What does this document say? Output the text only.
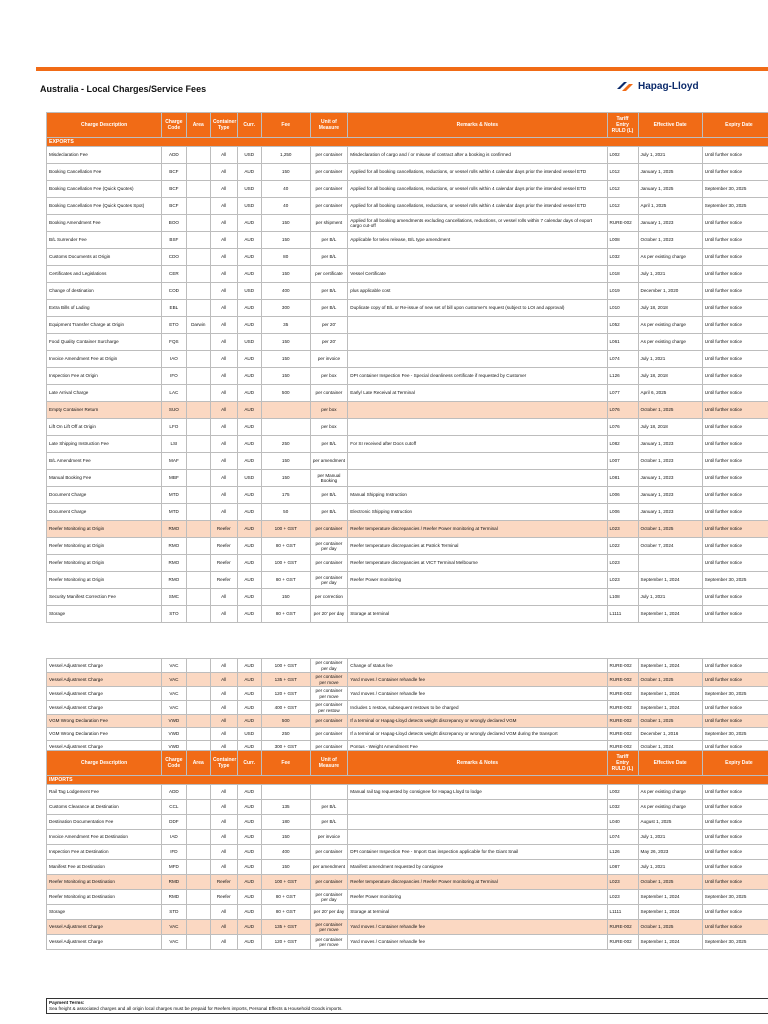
Australia - Local Charges/Service Fees	Hapag-Lloyd
Charge Description	Charge Code	Area	Container Type	Curr.	Fee	Unit of Measure	Remarks & Notes	Tariff Entry RULD (L)	Effective Date	Expiry Date
EXPORTS										
Misdeclaration Fee	ADD		All	USD	1,250	per container	Misdeclaration of cargo and / or misuse of contract after a booking is confirmed	L002	July 1, 2021	Until further notice
Booking Cancellation Fee	BCF		All	AUD	150	per container	Applied for all booking cancellations, reductions, or vessel rolls within 4 calendar days prior the intended vessel ETD	L012	January 1, 2025	Until further notice
Booking Cancellation Fee (Quick Quotes)	BCF		All	USD	40	per container	Applied for all booking cancellations, reductions, or vessel rolls within 4 calendar days prior the intended vessel ETD	L012	January 1, 2025	September 30, 2025
Booking Cancellation Fee (Quick Quotes Spot)	BCF		All	USD	40	per container	Applied for all booking cancellations, reductions, or vessel rolls within 4 calendar days prior the intended vessel ETD	L012	April 1, 2025	September 30, 2025
Booking Amendment Fee	BOO		All	AUD	150	per shipment	Applied for all booking amendments excluding cancellations, reductions, or vessel rolls within 7 calendar days of export cargo cut-off	RURE-002	January 1, 2023	Until further notice
B/L Surrender Fee	BSF		All	AUD	150	per B/L	Applicable for telex release, B/L type amendment	L008	October 1, 2023	Until further notice
Customs Documents at Origin	CDO		All	AUD	80	per B/L		L032	As per existing charge	Until further notice
Certificates and Legislations	CER		All	AUD	150	per certificate	Vessel Certificate	L018	July 1, 2021	Until further notice
Change of destination	COD		All	USD	400	per B/L	plus applicable cost	L019	December 1, 2020	Until further notice
Extra Bills of Lading	EBL		All	AUD	300	per B/L	Duplicate copy of B/L or Re-issue of new set of bill upon customer's request (subject to LOI and approval)	L010	July 18, 2018	Until further notice
Equipment Transfer Charge at Origin	ETO	Darwin	All	AUD	35	per 20'		L052	As per existing charge	Until further notice
Food Quality Container Surcharge	FQS		All	USD	150	per 20'		L061	As per existing charge	Until further notice
Invoice Amendment Fee at Origin	IAO		All	AUD	150	per invoice		L074	July 1, 2021	Until further notice
Inspection Fee at Origin	IFO		All	AUD	150	per box	DPI container Inspection Fee - Special cleanliness certificate if requested by Customer	L126	July 18, 2018	Until further notice
Late Arrival Charge	LAC		All	AUD	500	per container	Early/ Late Receival at Terminal	L077	April 6, 2025	Until further notice
Empty Container Return	SUO		All	AUD		per box		L076	October 1, 2025	Until further notice
Lift On Lift Off at Origin	LFO		All	AUD		per box		L076	July 18, 2018	Until further notice
Late Shipping Instruction Fee	LSI		All	AUD	250	per B/L	For SI received after Docs cutoff	L082	January 1, 2023	Until further notice
B/L Amendment Fee	MAF		All	AUD	150	per amendment		L007	October 1, 2023	Until further notice
Manual Booking Fee	MBF		All	USD	150	per Manual Booking		L081	January 1, 2023	Until further notice
Document Charge	MTD		All	AUD	175	per B/L	Manual Shipping Instruction	L006	January 1, 2023	Until further notice
Document Charge	MTD		All	AUD	50	per B/L	Electronic Shipping Instruction	L006	January 1, 2023	Until further notice
Reefer Monitoring at Origin	RMO		Reefer	AUD	100 + GST	per container	Reefer temperature discrepancies / Reefer Power monitoring at Terminal	L023	October 1, 2025	Until further notice
Reefer Monitoring at Origin	RMO		Reefer	AUD	80 + GST	per container per day	Reefer temperature discrepancies at Patrick Terminal	L022	October 7, 2024	Until further notice
Reefer Monitoring at Origin	RMO		Reefer	AUD	100 + GST	per container	Reefer temperature discrepancies at VICT Terminal Melbourne	L023		Until further notice
Reefer Monitoring at Origin	RMO		Reefer	AUD	80 + GST	per container per day	Reefer Power monitoring	L023	September 1, 2024	September 30, 2025
Security Manifest Correction Fee	SMC		All	AUD	150	per correction		L108	July 1, 2021	Until further notice
Storage	STO		All	AUD	80 + GST	per 20' per day	Storage at terminal	L1111	September 1, 2024	Until further notice
Vessel Adjustment Charge	VAC		All	AUD	100 + GST	per container per day	Change of status fee	RURE-002	September 1, 2024	Until further notice
Vessel Adjustment Charge	VAC		All	AUD	135 + GST	per container per move	Yard moves / Container rehandle fee	RURE-002	October 1, 2025	Until further notice
Vessel Adjustment Charge	VAC		All	AUD	120 + GST	per container per move	Yard moves / Container rehandle fee	RURE-002	September 1, 2024	September 30, 2025
Vessel Adjustment Charge	VAC		All	AUD	400 + GST	per container per restow	Includes 1 restow, subsequent restows to be charged	RURE-002	September 1, 2024	Until further notice
VGM Wrong Declaration Fee	VWD		All	AUD	500	per container	If a terminal or Hapag-Lloyd detects weight discrepancy or wrongly declared VGM	RURE-002	October 1, 2025	Until further notice
VGM Wrong Declaration Fee	VWD		All	USD	250	per container	If a terminal or Hapag-Lloyd detects weight discrepancy or wrongly declared VGM during the transport	RURE-002	December 1, 2016	September 30, 2025
Vessel Adjustment Charge	VWD		All	AUD	300 + GST	per container	Pontus - Weight Amendment Fee	RURE-002	October 1, 2024	Until further notice
Charge Description	Charge Code	Area	Container Type	Curr.	Fee	Unit of Measure	Remarks & Notes	Tariff Entry RULD (L)	Effective Date	Expiry Date
IMPORTS										
Rail Tag Lodgement Fee	ADD		All	AUD			Manual rail tag requested by consignee for Hapag Lloyd to lodge	L002	As per existing charge	Until further notice
Customs Clearance at Destination	CCL		All	AUD	135	per B/L		L032	As per existing charge	Until further notice
Destination Documentation Fee	DDF		All	AUD	180	per B/L		L040	August 1, 2025	Until further notice
Invoice Amendment Fee at Destination	IAD		All	AUD	150	per invoice		L074	July 1, 2021	Until further notice
Inspection Fee at Destination	IFD		All	AUD	400	per container	DPI container Inspection Fee - Import Gas inspection applicable for the Giant Snail	L126	May 26, 2023	Until further notice
Manifest Fee at Destination	MFD		All	AUD	150	per amendment	Manifest amendment requested by consignee	L087	July 1, 2021	Until further notice
Reefer Monitoring at Destination	RMD		Reefer	AUD	100 + GST	per container	Reefer temperature discrepancies / Reefer Power monitoring at Terminal	L023	October 1, 2025	Until further notice
Reefer Monitoring at Destination	RMD		Reefer	AUD	80 + GST	per container per day	Reefer Power monitoring	L023	September 1, 2024	September 30, 2025
Storage	STD		All	AUD	80 + GST	per 20' per day	Storage at terminal	L1111	September 1, 2024	Until further notice
Vessel Adjustment Charge	VAC		All	AUD	135 + GST	per container per move	Yard moves / Container rehandle fee	RURE-002	October 1, 2025	Until further notice
Vessel Adjustment Charge	VAC		All	AUD	120 + GST	per container per move	Yard moves / Container rehandle fee	RURE-002	September 1, 2024	September 30, 2025
Payment Terms:
Sea freight & associated charges and all origin local charges must be prepaid for Reefers imports, Personal Effects & Household Goods imports.
